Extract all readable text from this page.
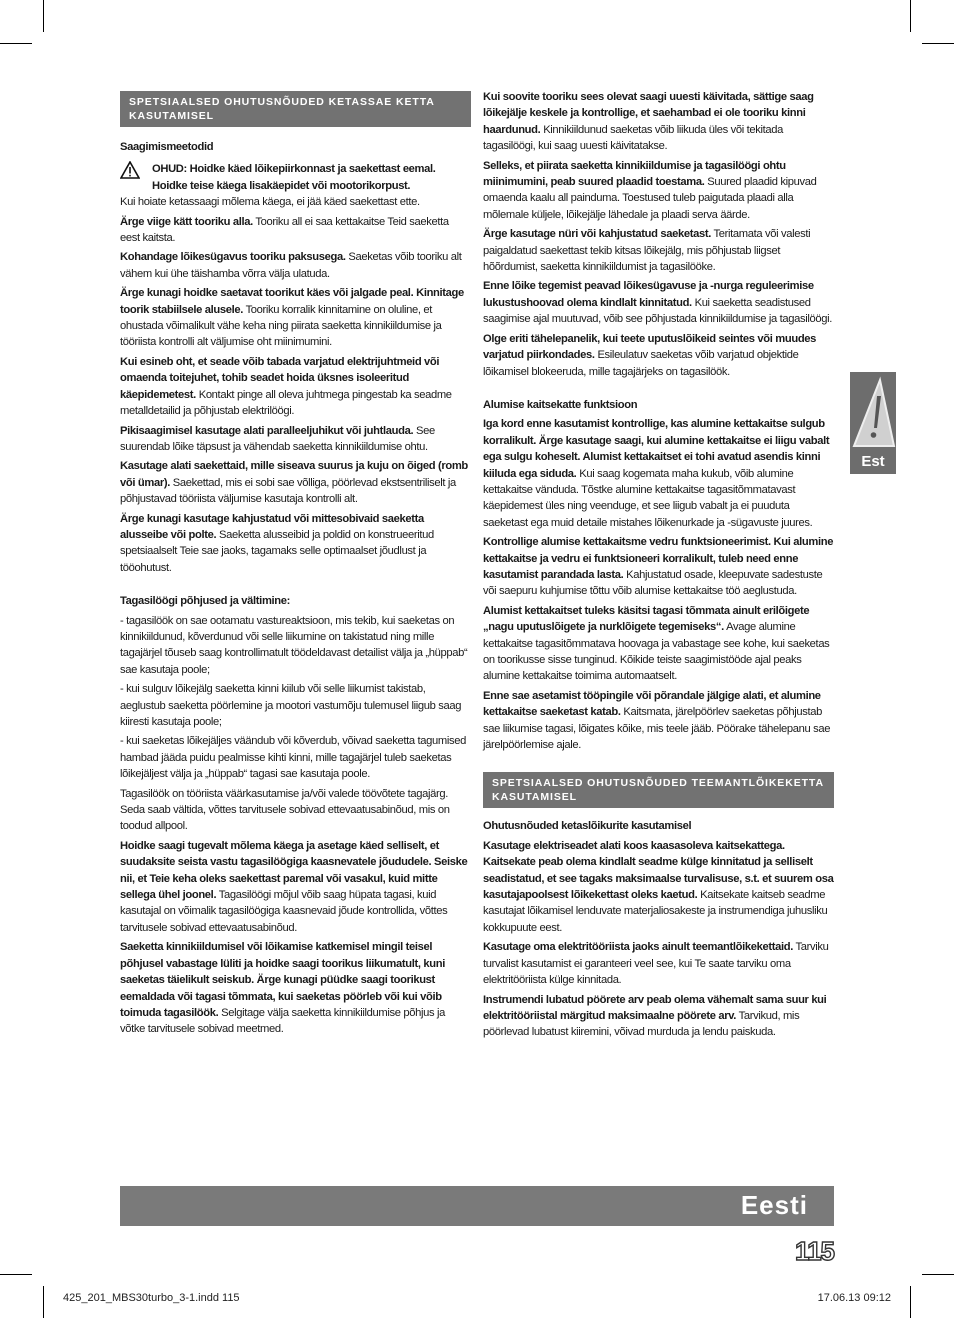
SPETSIAALSED OHUTUSNÕUDED KETASSAE KETTA KASUTAMISEL

Saagimismeetodid

OHUD: Hoidke käed lõikepiirkonnast ja saekettast eemal. Hoidke teise käega lisakäepidet või mootorikorpust.

Kui hoiate ketassaagi mõlema käega, ei jää käed saekettast ette.

Ärge viige kätt tooriku alla. Tooriku all ei saa kettakaitse Teid saeketta eest kaitsta.

Kohandage lõikesügavus tooriku paksusega. Saeketas võib tooriku alt vähem kui ühe täishamba võrra välja ulatuda.

Ärge kunagi hoidke saetavat toorikut käes või jalgade peal. Kinnitage toorik stabiilsele alusele. Tooriku korralik kinnitamine on oluline, et ohustada võimalikult vähe keha ning piirata saeketta kinnikiildumise ja tööriista kontrolli alt väljumise oht miinimumini.

Kui esineb oht, et seade võib tabada varjatud elektrijuhtmeid või omaenda toitejuhet, tohib seadet hoida üksnes isoleeritud käepidemetest. Kontakt pinge all oleva juhtmega pingestab ka seadme metalldetailid ja põhjustab elektrilöögi.

Pikisaagimisel kasutage alati paralleeljuhikut või juhtlauda. See suurendab lõike täpsust ja vähendab saeketta kinnikiildumise ohtu.

Kasutage alati saekettaid, mille siseava suurus ja kuju on õiged (romb või ümar). Saekettad, mis ei sobi sae võlliga, pöörlevad ekstsentriliselt ja põhjustavad tööriista väljumise kasutaja kontrolli alt.

Ärge kunagi kasutage kahjustatud või mittesobivaid saeketta alusseibe või polte. Saeketta alusseibid ja poldid on konstrueeritud spetsiaalselt Teie sae jaoks, tagamaks selle optimaalset jõudlust ja tööohutust.

Tagasilöögi põhjused ja vältimine:

- tagasilöök on sae ootamatu vastureaktsioon, mis tekib, kui saeketas on kinnikiildunud, kõverdunud või selle liikumine on takistatud ning mille tagajärjel tõuseb saag kontrollimatult töödeldavast detailist välja ja „hüppab“ sae kasutaja poole;

- kui sulguv lõikejälg saeketta kinni kiilub või selle liikumist takistab, aeglustub saeketta pöörlemine ja mootori vastumõju tulemusel liigub saag kiiresti kasutaja poole;

- kui saeketas lõikejäljes väändub või kõverdub, võivad saeketta tagumised hambad jääda puidu pealmisse kihti kinni, mille tagajärjel tuleb saeketas lõikejäljest välja ja „hüppab“ tagasi sae kasutaja poole.

Tagasilöök on tööriista väärkasutamise ja/või valede töövõtete tagajärg. Seda saab vältida, võttes tarvitusele sobivad ettevaatusabinõud, mis on toodud allpool.

Hoidke saagi tugevalt mõlema käega ja asetage käed selliselt, et suudaksite seista vastu tagasilöögiga kaasnevatele jõududele. Seiske nii, et Teie keha oleks saekettast paremal või vasakul, kuid mitte sellega ühel joonel. Tagasilöögi mõjul võib saag hüpata tagasi, kuid kasutajal on võimalik tagasilöögiga kaasnevaid jõude kontrollida, võttes tarvitusele sobivad ettevaatusabinõud.

Saeketta kinnikiildumisel või lõikamise katkemisel mingil teisel põhjusel vabastage lüliti ja hoidke saagi toorikus liikumatult, kuni saeketas täielikult seiskub. Ärge kunagi püüdke saagi toorikust eemaldada või tagasi tõmmata, kui saeketas pöörleb või kui võib toimuda tagasilöök. Selgitage välja saeketta kinnikiildumise põhjus ja võtke tarvitusele sobivad meetmed.

Kui soovite tooriku sees olevat saagi uuesti käivitada, sättige saag lõikejälje keskele ja kontrollige, et saehambad ei ole tooriku kinni haardunud. Kinnikiildunud saeketas võib liikuda üles või tekitada tagasilöögi, kui saag uuesti käivitatakse.

Selleks, et piirata saeketta kinnikiildumise ja tagasilöögi ohtu miinimumini, peab suured plaadid toestama. Suured plaadid kipuvad omaenda kaalu all painduma. Toestused tuleb paigutada plaadi alla mõlemale küljele, lõikejälje lähedale ja plaadi serva äärde.

Ärge kasutage nüri või kahjustatud saeketast. Teritamata või valesti paigaldatud saekettast tekib kitsas lõikejälg, mis põhjustab liigset hõõrdumist, saeketta kinnikiildumist ja tagasilööke.

Enne lõike tegemist peavad lõikesügavuse ja -nurga reguleerimise lukustushoovad olema kindlalt kinnitatud. Kui saeketta seadistused saagimise ajal muutuvad, võib see põhjustada kinnikiildumise ja tagasilöögi.

Olge eriti tähelepanelik, kui teete uputuslõikeid seintes või muudes varjatud piirkondades. Esileulatuv saeketas võib varjatud objektide lõikamisel blokeeruda, mille tagajärjeks on tagasilöök.

Alumise kaitsekatte funktsioon

Iga kord enne kasutamist kontrollige, kas alumine kettakaitse sulgub korralikult. Ärge kasutage saagi, kui alumine kettakaitse ei liigu vabalt ega sulgu koheselt. Alumist kettakaitset ei tohi avatud asendis kinni kiiluda ega siduda. Kui saag kogemata maha kukub, võib alumine kettakaitse vänduda. Tõstke alumine kettakaitse tagasitõmmatavast käepidemest üles ning veenduge, et see liigub vabalt ja ei puuduta saeketast ega muid detaile mistahes lõikenurkade ja -sügavuste juures.

Kontrollige alumise kettakaitsme vedru funktsioneerimist. Kui alumine kettakaitse ja vedru ei funktsioneeri korralikult, tuleb need enne kasutamist parandada lasta. Kahjustatud osade, kleepuvate sadestuste või saepuru kuhjumise tõttu võib alumise kettakaitse töö aeglustuda.

Alumist kettakaitset tuleks käsitsi tagasi tõmmata ainult erilõigete „nagu uputuslõigete ja nurklõigete tegemiseks“. Avage alumine kettakaitse tagasitõmmatava hoovaga ja vabastage see kohe, kui saeketas on toorikusse sisse tunginud. Kõikide teiste saagimistööde ajal peaks alumine kettakaitse toimima automaatselt.

Enne sae asetamist tööpingile või põrandale jälgige alati, et alumine kettakaitse saeketast katab. Kaitsmata, järelpöörlev saeketas põhjustab sae liikumise tagasi, lõigates kõike, mis teele jääb. Pöörake tähelepanu sae järelpöörlemise ajale.

SPETSIAALSED OHUTUSNÕUDED TEEMANTLÕIKEKETTA KASUTAMISEL

Ohutusnõuded ketaslõikurite kasutamisel

Kasutage elektriseadet alati koos kaasasoleva kaitsekattega. Kaitsekate peab olema kindlalt seadme külge kinnitatud ja selliselt seadistatud, et see tagaks maksimaalse turvalisuse, s.t. et suurem osa kasutajapoolsest lõikekettast oleks kaetud. Kaitsekate kaitseb seadme kasutajat lõikamisel lenduvate materjaliosakeste ja instrumendiga juhusliku kokkupuute eest.

Kasutage oma elektritööriista jaoks ainult teemantlõikekettaid. Tarviku turvalist kasutamist ei garanteeri veel see, kui Te saate tarviku oma elektritööriista külge kinnitada.

Instrumendi lubatud pöörete arv peab olema vähemalt sama suur kui elektritööriistal märgitud maksimaalne pöörete arv. Tarvikud, mis pöörlevad lubatust kiiremini, võivad murduda ja lendu paiskuda.

Est
Eesti
115
425_201_MBS30turbo_3-1.indd 115	17.06.13 09:12
